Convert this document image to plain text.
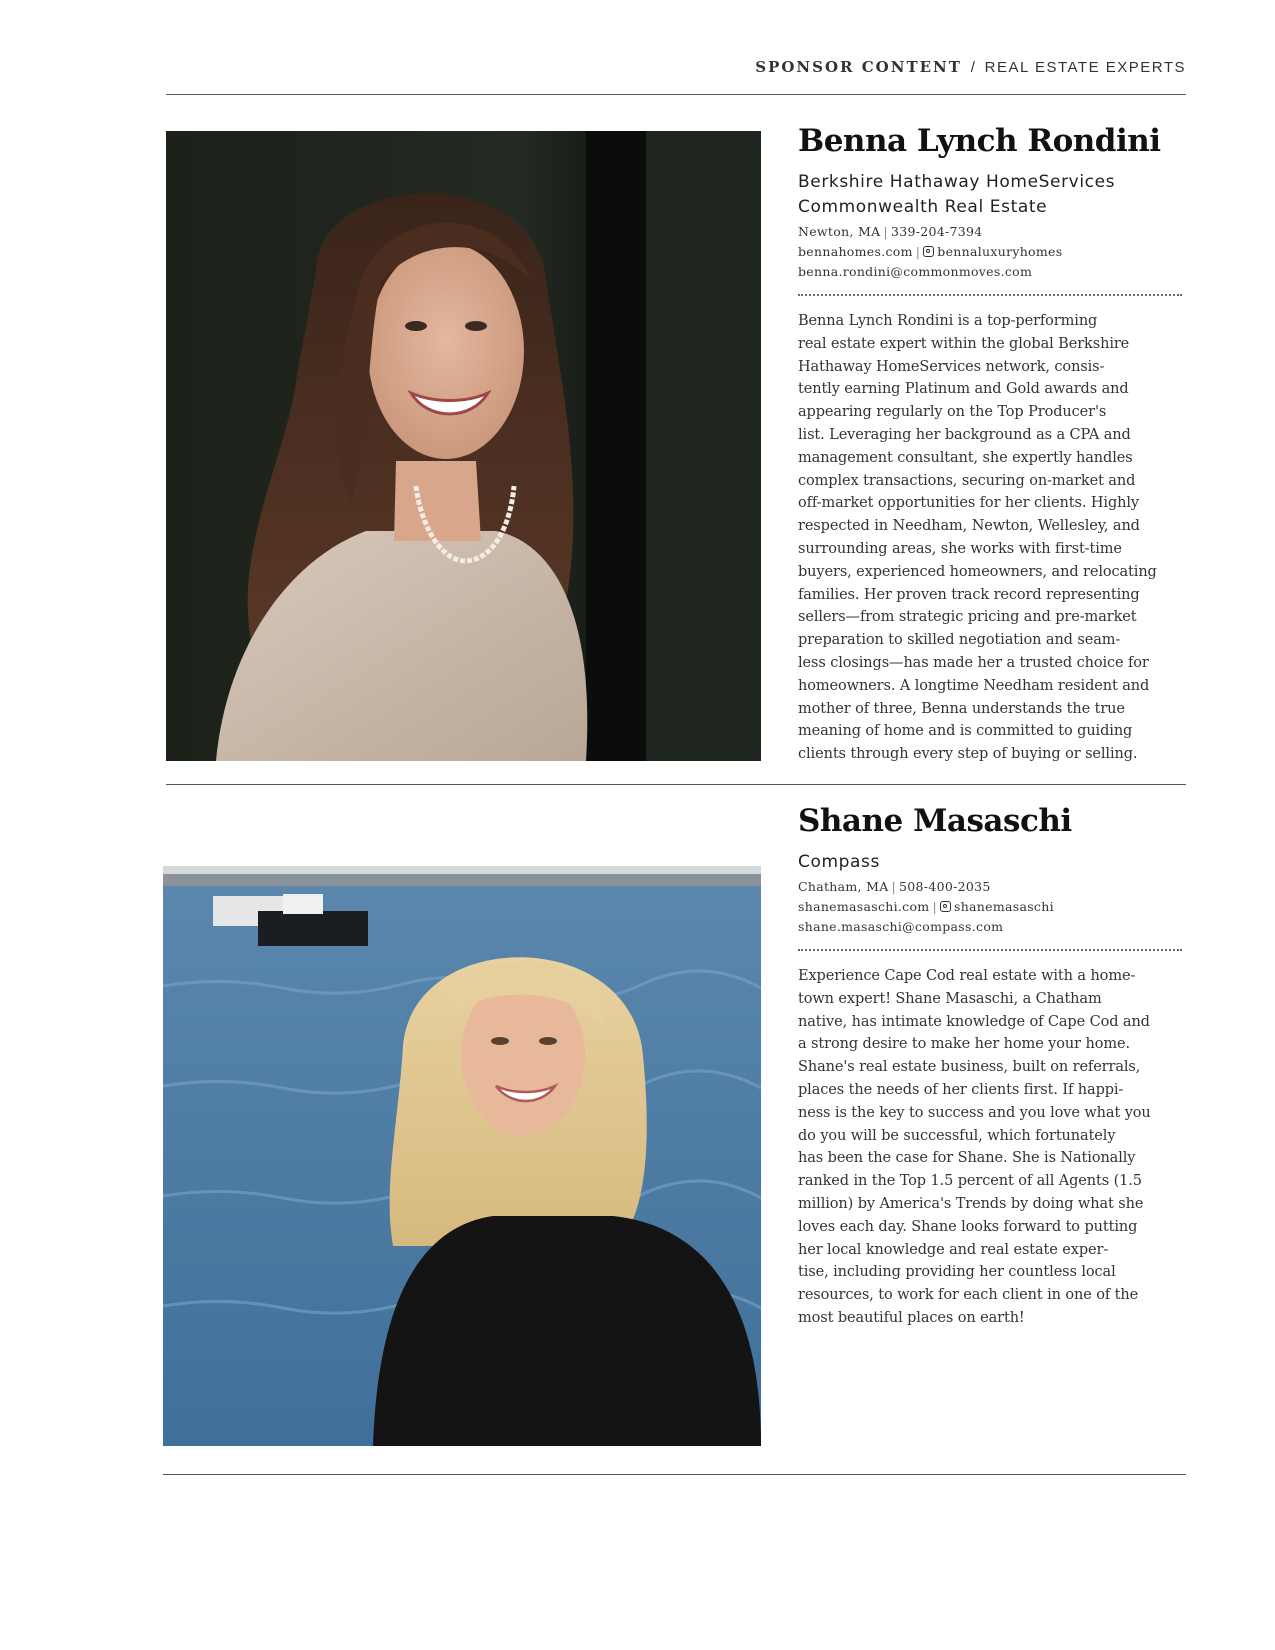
SPONSOR CONTENT / REAL ESTATE EXPERTS
Benna Lynch Rondini
Berkshire Hathaway HomeServices
Commonwealth Real Estate
Newton, MA | 339-204-7394
bennahomes.com | bennaluxuryhomes
benna.rondini@commonmoves.com
Benna Lynch Rondini is a top-performing
real estate expert within the global Berkshire
Hathaway HomeServices network, consis-
tently earning Platinum and Gold awards and
appearing regularly on the Top Producer's
list. Leveraging her background as a CPA and
management consultant, she expertly handles
complex transactions, securing on-market and
off-market opportunities for her clients. Highly
respected in Needham, Newton, Wellesley, and
surrounding areas, she works with first-time
buyers, experienced homeowners, and relocating
families. Her proven track record representing
sellers—from strategic pricing and pre-market
preparation to skilled negotiation and seam-
less closings—has made her a trusted choice for
homeowners. A longtime Needham resident and
mother of three, Benna understands the true
meaning of home and is committed to guiding
clients through every step of buying or selling.
Shane Masaschi
Compass
Chatham, MA | 508-400-2035
shanemasaschi.com | shanemasaschi
shane.masaschi@compass.com
Experience Cape Cod real estate with a home-
town expert! Shane Masaschi, a Chatham
native, has intimate knowledge of Cape Cod and
a strong desire to make her home your home.
Shane's real estate business, built on referrals,
places the needs of her clients first. If happi-
ness is the key to success and you love what you
do you will be successful, which fortunately
has been the case for Shane. She is Nationally
ranked in the Top 1.5 percent of all Agents (1.5
million) by America's Trends by doing what she
loves each day. Shane looks forward to putting
her local knowledge and real estate exper-
tise, including providing her countless local
resources, to work for each client in one of the
most beautiful places on earth!
